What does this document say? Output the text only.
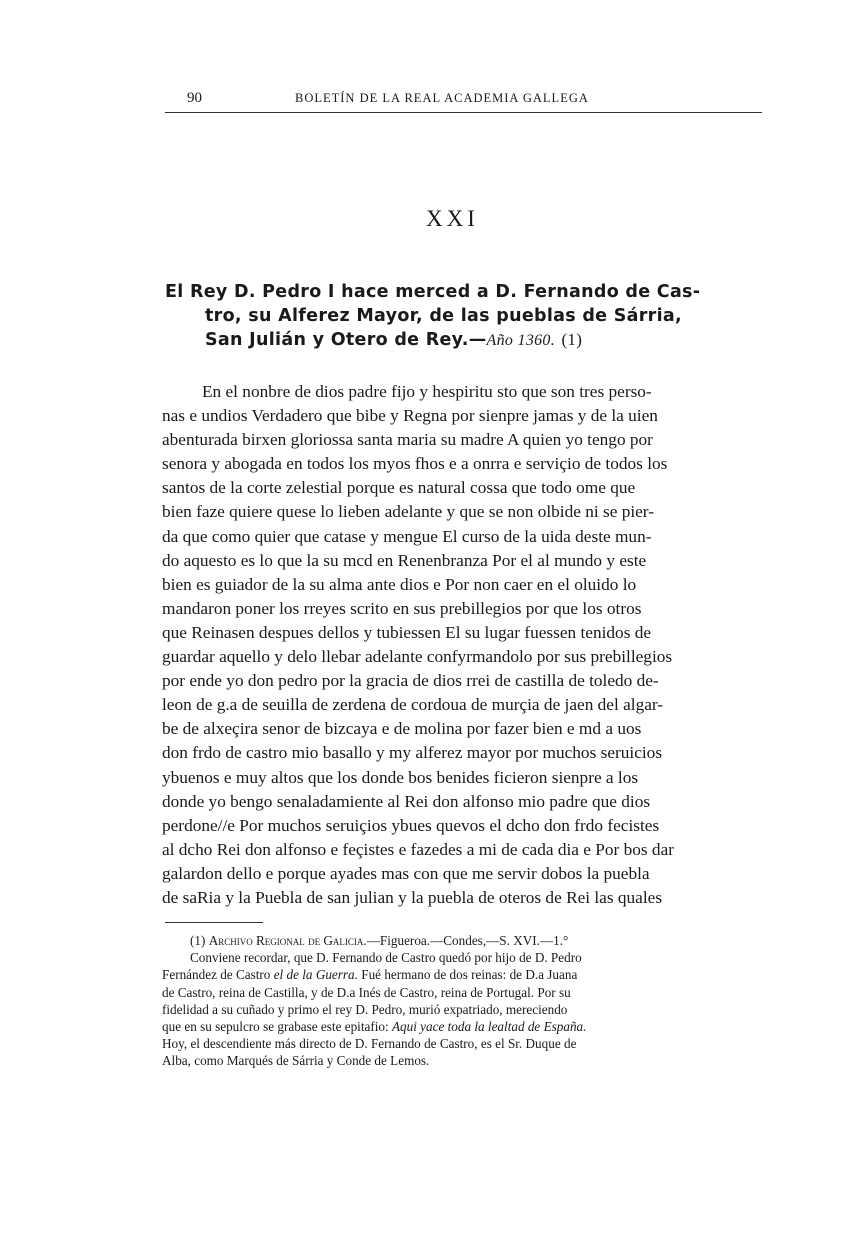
90	BOLETÍN DE LA REAL ACADEMIA GALLEGA
XXI
El Rey D. Pedro I hace merced a D. Fernando de Cas-
tro, su Alferez Mayor, de las pueblas de Sárria,
San Julián y Otero de Rey.—Año 1360. (1)
En el nonbre de dios padre fijo y hespiritu sto que son tres perso-
nas e undios Verdadero que bibe y Regna por sienpre jamas y de la uien
abenturada birxen gloriossa santa maria su madre A quien yo tengo por
senora y abogada en todos los myos fhos e a onrra e serviçio de todos los
santos de la corte zelestial porque es natural cossa que todo ome que
bien faze quiere quese lo lieben adelante y que se non olbide ni se pier-
da que como quier que catase y mengue El curso de la uida deste mun-
do aquesto es lo que la su mcd en Renenbranza Por el al mundo y este
bien es guiador de la su alma ante dios e Por non caer en el oluido lo
mandaron poner los rreyes scrito en sus prebillegios por que los otros
que Reinasen despues dellos y tubiessen El su lugar fuessen tenidos de
guardar aquello y delo llebar adelante confyrmandolo por sus prebillegios
por ende yo don pedro por la gracia de dios rrei de castilla de toledo de-
leon de g.a de seuilla de zerdena de cordoua de murçia de jaen del algar-
be de alxeçira senor de bizcaya e de molina por fazer bien e md a uos
don frdo de castro mio basallo y my alferez mayor por muchos seruicios
ybuenos e muy altos que los donde bos benides ficieron sienpre a los
donde yo bengo senaladamiente al Rei don alfonso mio padre que dios
perdone//e Por muchos seruiçios ybues quevos el dcho don frdo fecistes
al dcho Rei don alfonso e feçistes e fazedes a mi de cada dia e Por bos dar
galardon dello e porque ayades mas con que me servir dobos la puebla
de saRia y la Puebla de san julian y la puebla de oteros de Rei las quales
(1) Archivo Regional de Galicia.—Figueroa.—Condes,—S. XVI.—1.°
Conviene recordar, que D. Fernando de Castro quedó por hijo de D. Pedro
Fernández de Castro el de la Guerra. Fué hermano de dos reinas: de D.a Juana
de Castro, reina de Castilla, y de D.a Inés de Castro, reina de Portugal. Por su
fidelidad a su cuñado y primo el rey D. Pedro, murió expatriado, mereciendo
que en su sepulcro se grabase este epitafio: Aqui yace toda la lealtad de España.
Hoy, el descendiente más directo de D. Fernando de Castro, es el Sr. Duque de
Alba, como Marqués de Sárria y Conde de Lemos.
